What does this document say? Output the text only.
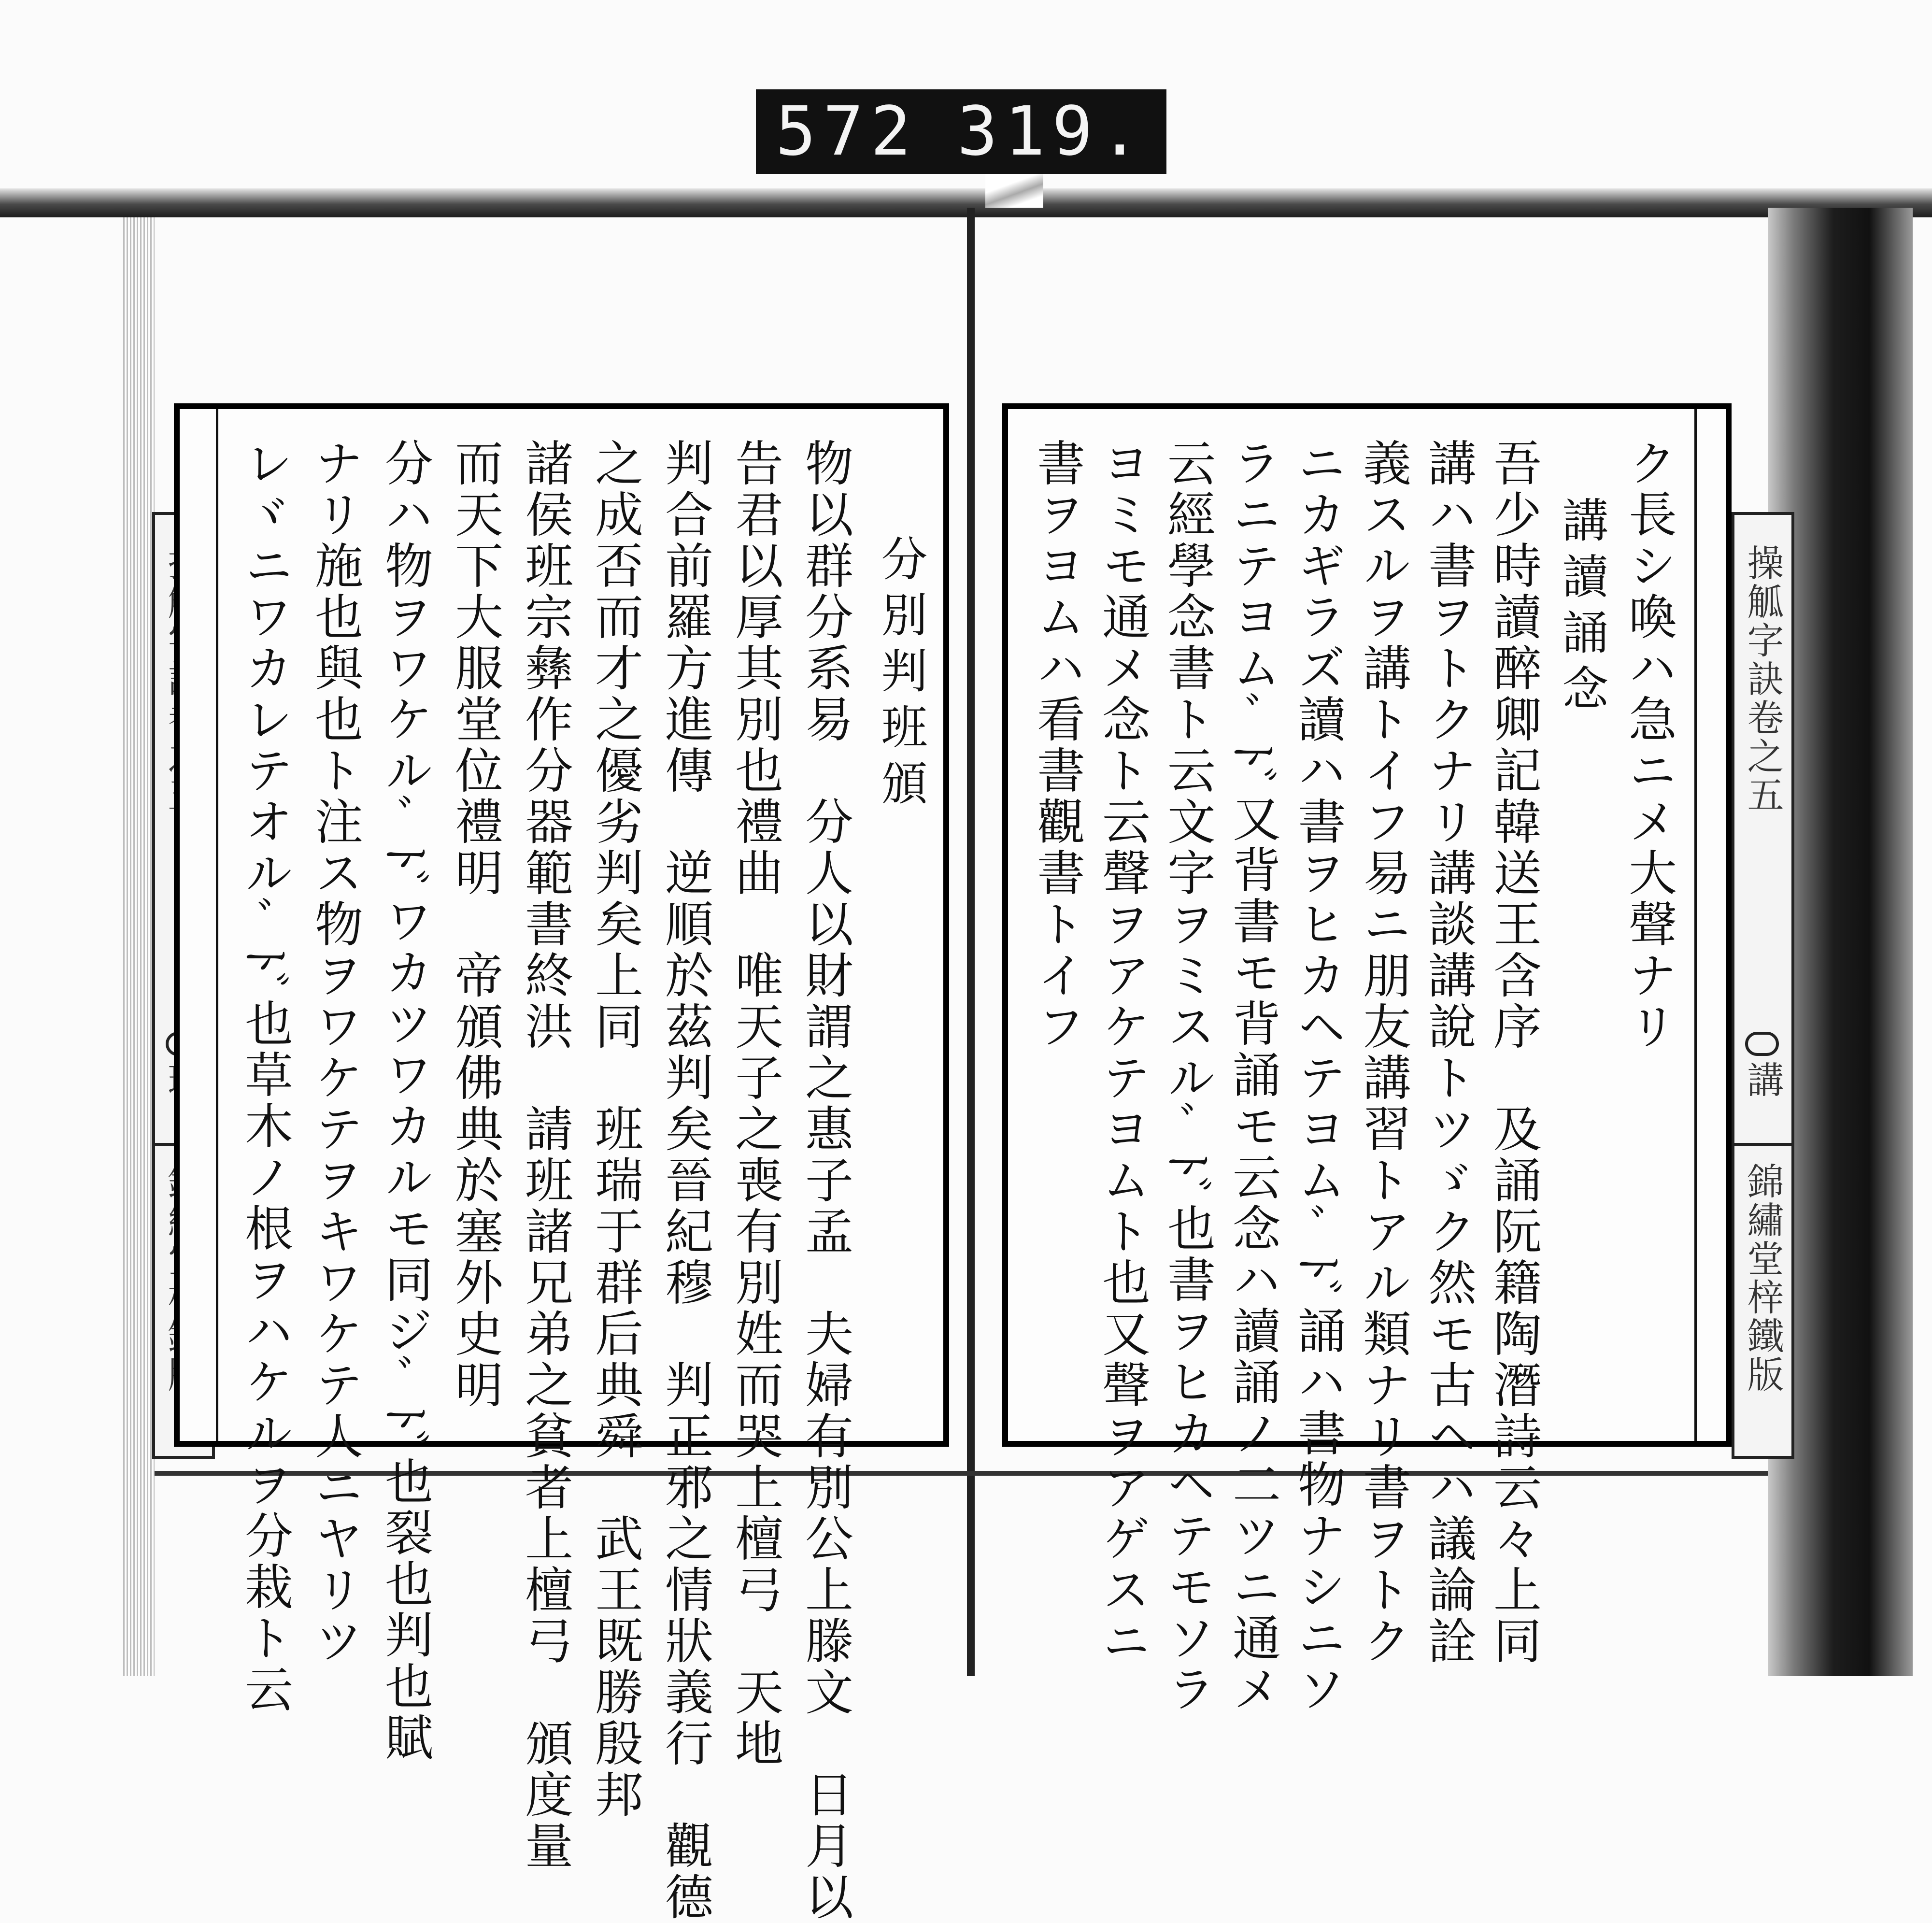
572 319.
分別判班頒
物以群分系易　分人以財謂之惠子孟　夫婦有別公上滕文　日月以
告君以厚其別也禮曲　唯天子之喪有別姓而哭上檀弓　天地
判合前羅方進傳　逆順於茲判矣晉紀穆　判正邪之情狀義行　觀德
之成否而才之優劣判矣上同　班瑞于群后典舜　武王既勝殷邦
諸侯班宗彝作分器範書終洪　請班諸兄弟之貧者上檀弓　頒度量
而天下大服堂位禮明　帝頒佛典於塞外史明
分ハ物ヲワケルﾞﾄﾞワカツワカルモ同ジﾞﾄﾞ也裂也判也賦
ナリ施也與也ト注ス物ヲワケテヲキワケテ人ニヤリツ
レヾニワカレテオルﾞﾄﾞ也草木ノ根ヲハケルヲ分栽ト云	操觚字訣卷之五
講
錦繡堂梓鐵版
ク長シ喚ハ急ニメ大聲ナリ
講讀誦念
吾少時讀醉卿記韓送王含序　及誦阮籍陶潛詩云々上同
講ハ書ヲトクナリ講談講說トツゞク然モ古ヘハ議論詮
義スルヲ講トイフ易ニ朋友講習トアル類ナリ書ヲトク
ニカギラズ讀ハ書ヲヒカヘテヨムﾞﾄﾞ誦ハ書物ナシニソ
ラニテヨムﾞﾄﾞ又背書モ背誦モ云念ハ讀誦ノ二ツニ通メ
云經學念書ト云文字ヲミスルﾞﾄﾞ也書ヲヒカヘテモソラ
ヨミモ通メ念ト云聲ヲアケテヨムト也又聲ヲアゲスニ
書ヲヨムハ看書觀書トイフ
